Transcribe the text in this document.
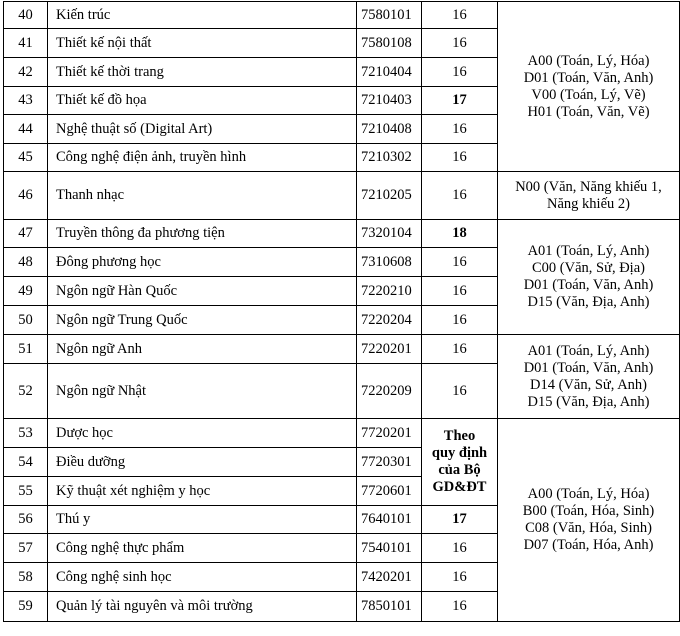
40	Kiến trúc	7580101	16	A00 (Toán, Lý, Hóa)
D01 (Toán, Văn, Anh)
V00 (Toán, Lý, Vẽ)
H01 (Toán, Văn, Vẽ)

41	Thiết kế nội thất	7580108	16	
42	Thiết kế thời trang	7210404	16	
43	Thiết kế đồ họa	7210403	17	
44	Nghệ thuật số (Digital Art)	7210408	16	
45	Công nghệ điện ảnh, truyền hình	7210302	16	
46	Thanh nhạc	7210205	16	N00 (Văn, Năng khiếu 1,
Năng khiếu 2)

47	Truyền thông đa phương tiện	7320104	18	A01 (Toán, Lý, Anh)
C00 (Văn, Sử, Địa)
D01 (Toán, Văn, Anh)
D15 (Văn, Địa, Anh)

48	Đông phương học	7310608	16	
49	Ngôn ngữ Hàn Quốc	7220210	16	
50	Ngôn ngữ Trung Quốc	7220204	16	
51	Ngôn ngữ Anh	7220201	16	A01 (Toán, Lý, Anh)
D01 (Toán, Văn, Anh)
D14 (Văn, Sử, Anh)
D15 (Văn, Địa, Anh)

52	Ngôn ngữ Nhật	7220209	16	
53	Dược học	7720201	Theo
quy định
của Bộ
GD&ĐT	A00 (Toán, Lý, Hóa)
B00 (Toán, Hóa, Sinh)
C08 (Văn, Hóa, Sinh)
D07 (Toán, Hóa, Anh)

54	Điều dưỡng	7720301		
55	Kỹ thuật xét nghiệm y học	7720601		
56	Thú y	7640101	17	
57	Công nghệ thực phẩm	7540101	16	
58	Công nghệ sinh học	7420201	16	
59	Quản lý tài nguyên và môi trường	7850101	16	
